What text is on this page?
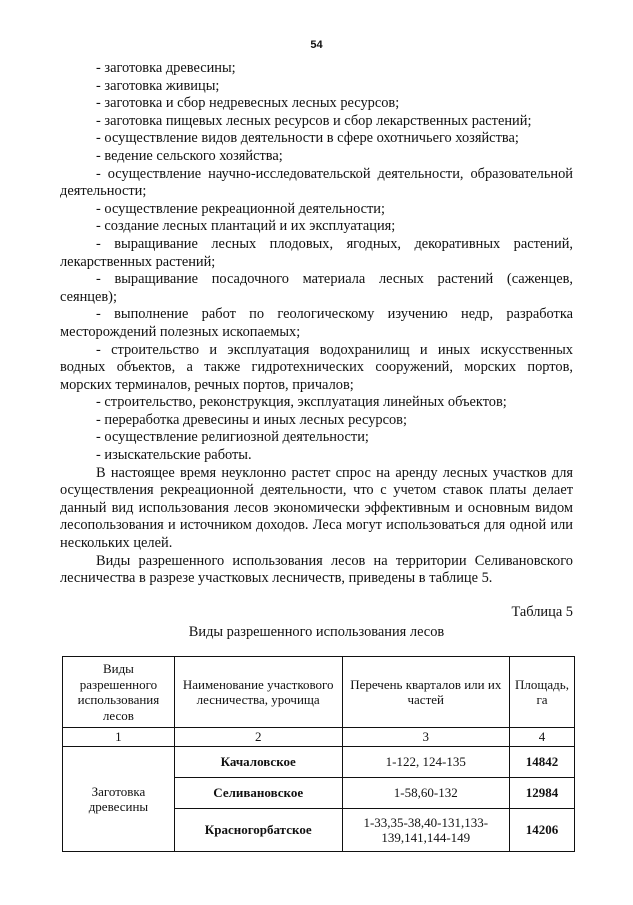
54

- заготовка древесины;

- заготовка живицы;

- заготовка и сбор недревесных лесных ресурсов;

- заготовка пищевых лесных ресурсов и сбор лекарственных растений;

- осуществление видов деятельности в сфере охотничьего хозяйства;

- ведение сельского хозяйства;

- осуществление научно-исследовательской деятельности, образовательной деятельности;

- осуществление рекреационной деятельности;

- создание лесных плантаций и их эксплуатация;

- выращивание лесных плодовых, ягодных, декоративных растений, лекарственных растений;

- выращивание посадочного материала лесных растений (саженцев, сеянцев);

- выполнение работ по геологическому изучению недр, разработка месторождений полезных ископаемых;

- строительство и эксплуатация водохранилищ и иных искусственных водных объектов, а также гидротехнических сооружений, морских портов, морских терминалов, речных портов, причалов;

- строительство, реконструкция, эксплуатация линейных объектов;

- переработка древесины и иных лесных ресурсов;

- осуществление религиозной деятельности;

- изыскательские работы.

В настоящее время неуклонно растет спрос на аренду лесных участков для осуществления рекреационной деятельности, что с учетом ставок платы делает данный вид использования лесов экономически эффективным и основным видом лесопользования и источником доходов. Леса могут использоваться для одной или нескольких целей.

Виды разрешенного использования лесов на территории Селивановского лесничества в разрезе участковых лесничеств, приведены в таблице 5.

Таблица 5
Виды разрешенного использования лесов
Виды разрешенного использования лесов	Наименование участкового лесничества, урочища	Перечень кварталов или их частей	Площадь, га
1	2	3	4
Заготовка древесины	Качаловское	1-122, 124-135	14842
	Селивановское	1-58,60-132	12984
	Красногорбатское	1-33,35-38,40-131,133-139,141,144-149	14206
